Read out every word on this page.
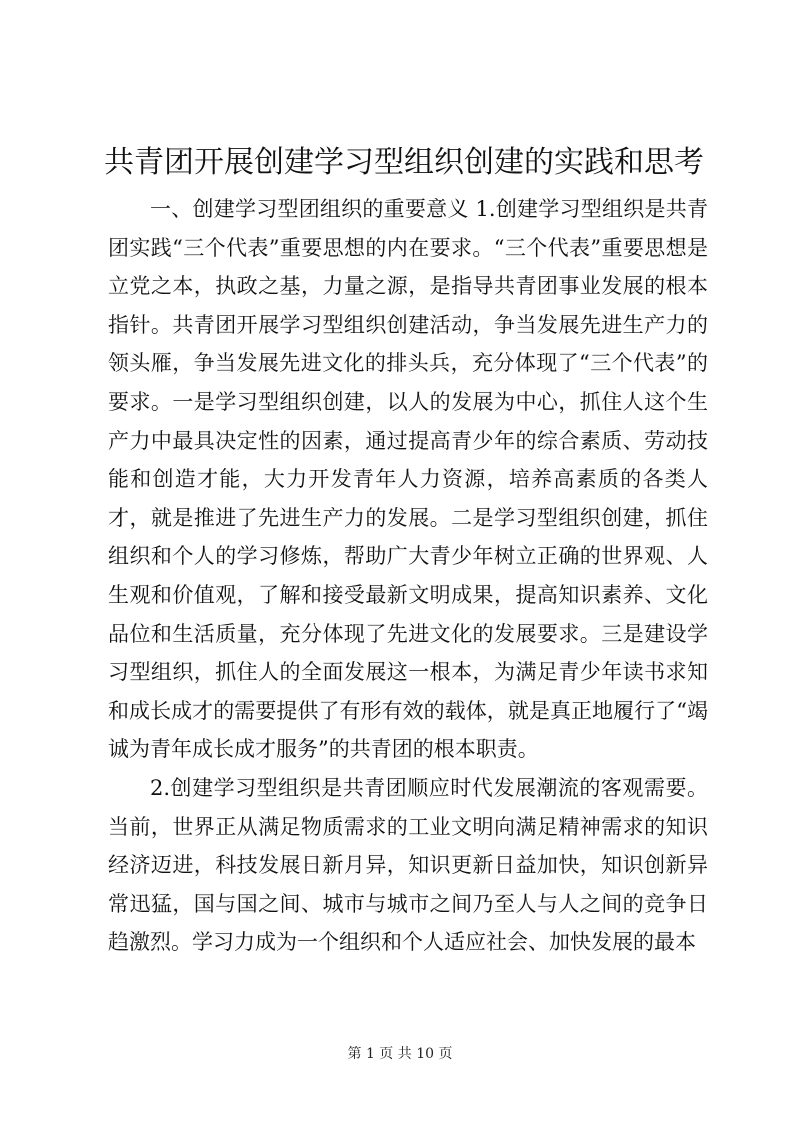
共青团开展创建学习型组织创建的实践和思考

一、创建学习型团组织的重要意义 1.创建学习型组织是共青团实践“三个代表”重要思想的内在要求。“三个代表”重要思想是立党之本，执政之基，力量之源，是指导共青团事业发展的根本指针。共青团开展学习型组织创建活动，争当发展先进生产力的领头雁，争当发展先进文化的排头兵，充分体现了“三个代表”的要求。一是学习型组织创建，以人的发展为中心，抓住人这个生产力中最具决定性的因素，通过提高青少年的综合素质、劳动技能和创造才能，大力开发青年人力资源，培养高素质的各类人才，就是推进了先进生产力的发展。二是学习型组织创建，抓住组织和个人的学习修炼，帮助广大青少年树立正确的世界观、人生观和价值观，了解和接受最新文明成果，提高知识素养、文化品位和生活质量，充分体现了先进文化的发展要求。三是建设学习型组织，抓住人的全面发展这一根本，为满足青少年读书求知和成长成才的需要提供了有形有效的载体，就是真正地履行了“竭诚为青年成长成才服务”的共青团的根本职责。

2.创建学习型组织是共青团顺应时代发展潮流的客观需要。当前，世界正从满足物质需求的工业文明向满足精神需求的知识经济迈进，科技发展日新月异，知识更新日益加快，知识创新异常迅猛，国与国之间、城市与城市之间乃至人与人之间的竞争日趋激烈。学习力成为一个组织和个人适应社会、加快发展的最本

第 1 页 共 10 页
